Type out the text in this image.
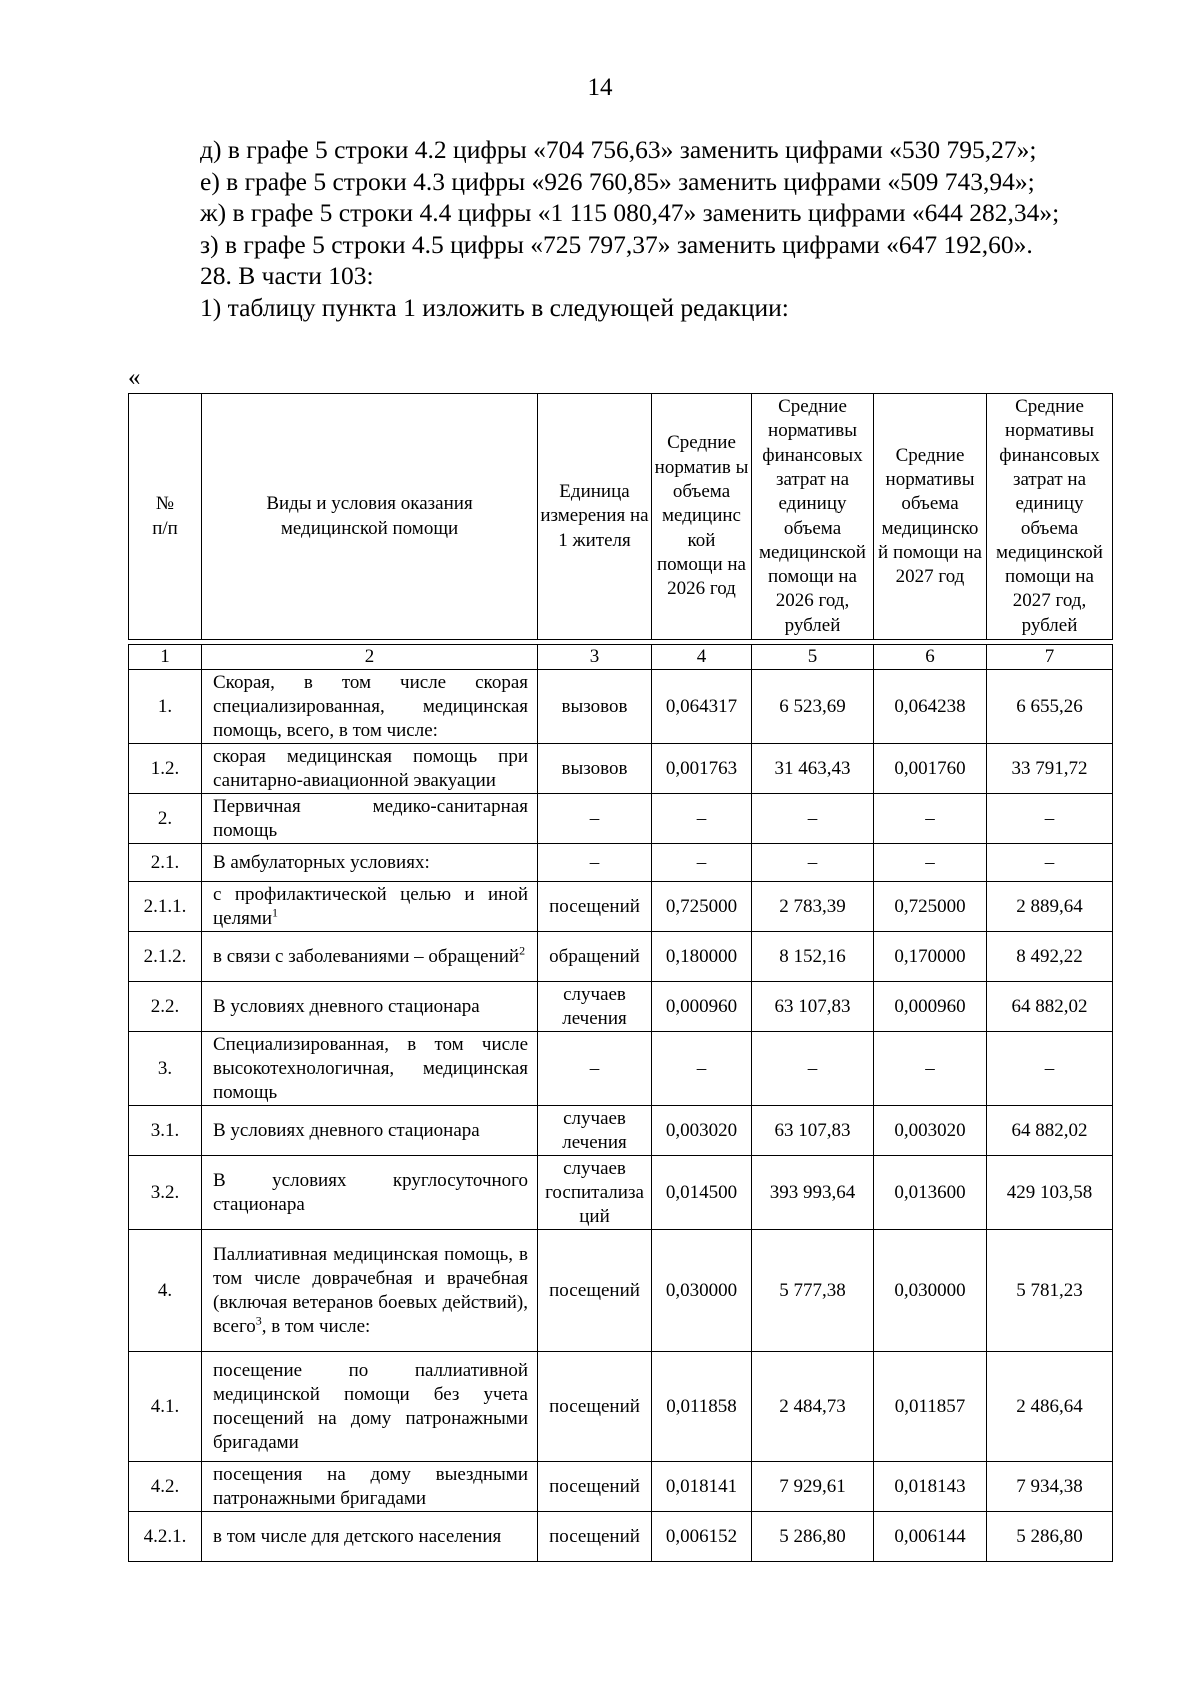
14

д) в графе 5 строки 4.2 цифры «704 756,63» заменить цифрами «530 795,27»;

е) в графе 5 строки 4.3 цифры «926 760,85» заменить цифрами «509 743,94»;

ж) в графе 5 строки 4.4 цифры «1 115 080,47» заменить цифрами «644 282,34»;

з) в графе 5 строки 4.5 цифры «725 797,37» заменить цифрами «647 192,60».

28. В части 103:

1) таблицу пункта 1 изложить в следующей редакции:

«
№ п/п	Виды и условия оказания медицинской помощи	Единица измерения на 1 жителя	Средние норматив ы объема медицинс кой помощи на 2026 год	Средние нормативы финансовых затрат на единицу объема медицинской помощи на 2026 год, рублей	Средние нормативы объема медицинско й помощи на 2027 год	Средние нормативы финансовых затрат на единицу объема медицинской помощи на 2027 год, рублей

1	2	3	4	5	6	7
1.	Скорая, в том числе скорая специализированная, медицинская помощь, всего, в том числе:	вызовов	0,064317	6 523,69	0,064238	6 655,26
1.2.	скорая медицинская помощь при санитарно-авиационной эвакуации	вызовов	0,001763	31 463,43	0,001760	33 791,72
2.	Первичная медико-санитарная помощь	–	–	–	–	–
2.1.	В амбулаторных условиях:	–	–	–	–	–
2.1.1.	с профилактической целью и иной целями$^1$	посещений	0,725000	2 783,39	0,725000	2 889,64
2.1.2.	в связи с заболеваниями – обращений$^2$	обращений	0,180000	8 152,16	0,170000	8 492,22
2.2.	В условиях дневного стационара	случаев лечения	0,000960	63 107,83	0,000960	64 882,02
3.	Специализированная, в том числе высокотехнологичная, медицинская помощь	–	–	–	–	–
3.1.	В условиях дневного стационара	случаев лечения	0,003020	63 107,83	0,003020	64 882,02
3.2.	В условиях круглосуточного стационара	случаев госпитализа ций	0,014500	393 993,64	0,013600	429 103,58
4.	Паллиативная медицинская помощь, в том числе доврачебная и врачебная (включая ветеранов боевых действий), всего$^3$, в том числе:	посещений	0,030000	5 777,38	0,030000	5 781,23
4.1.	посещение по паллиативной медицинской помощи без учета посещений на дому патронажными бригадами	посещений	0,011858	2 484,73	0,011857	2 486,64
4.2.	посещения на дому выездными патронажными бригадами	посещений	0,018141	7 929,61	0,018143	7 934,38
4.2.1.	в том числе для детского населения	посещений	0,006152	5 286,80	0,006144	5 286,80
